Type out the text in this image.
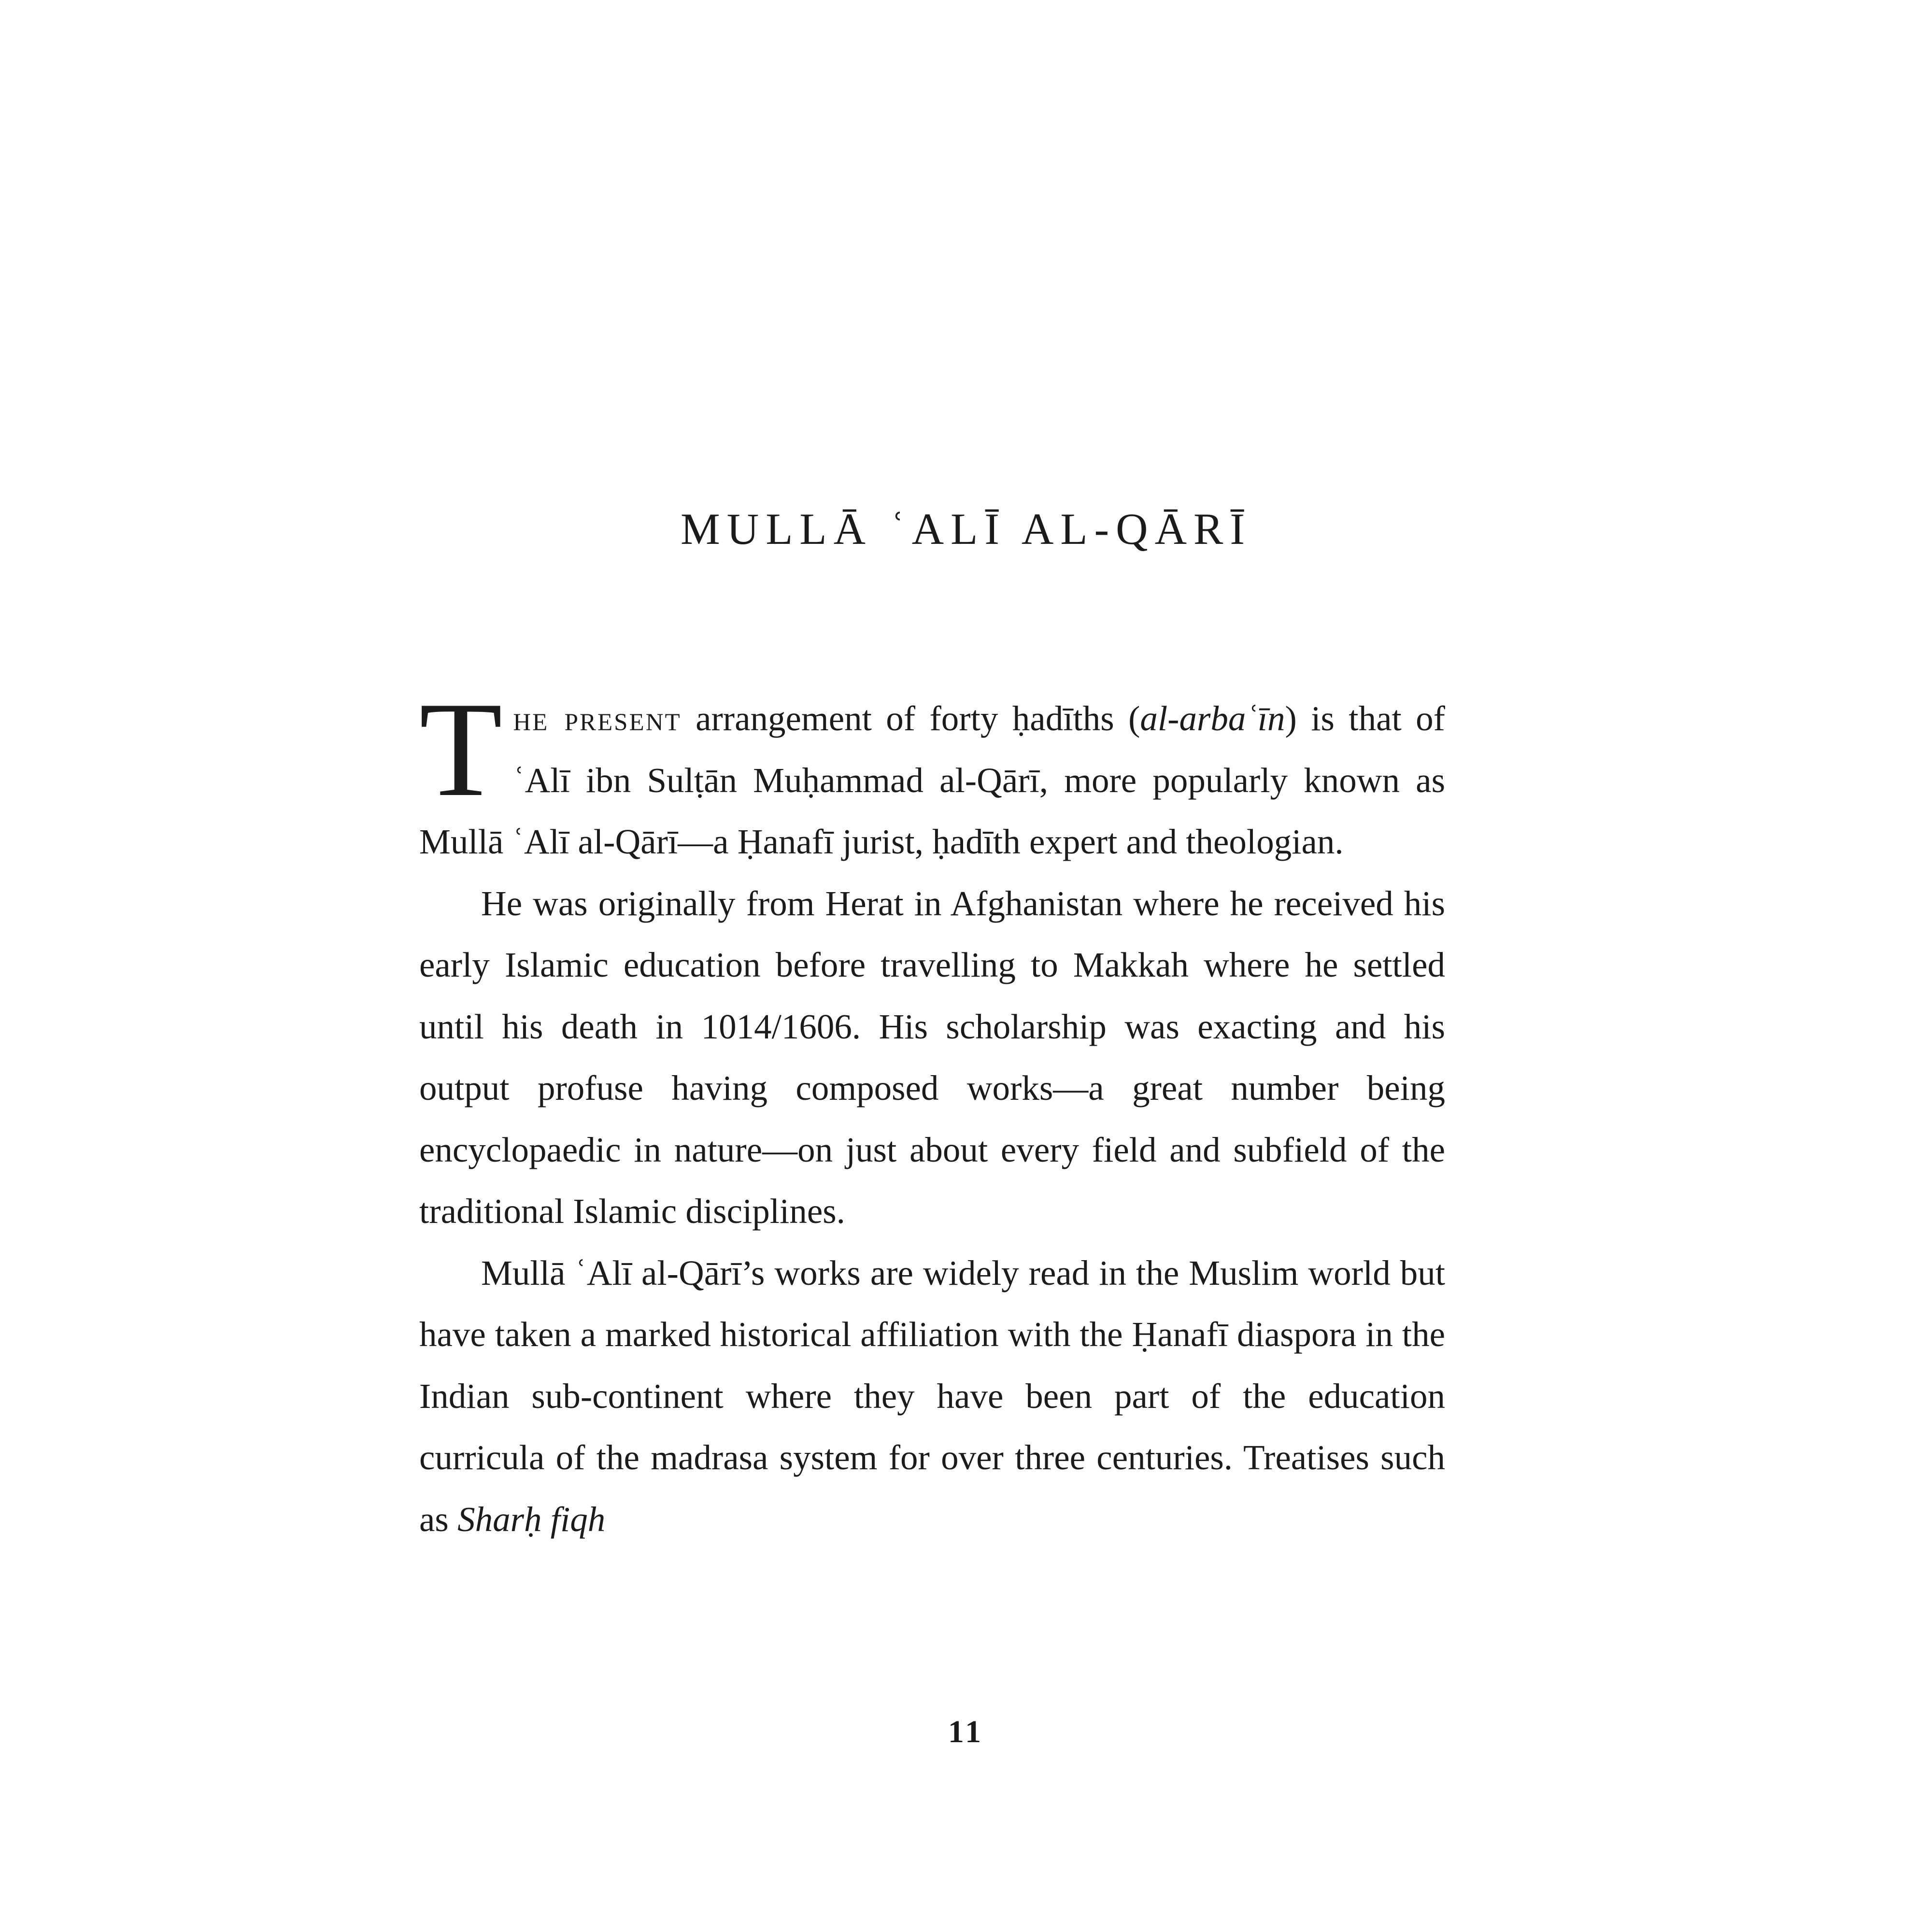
MULLĀ ʿALĪ AL-QĀRĪ

The present arrangement of forty ḥadīths (al-arbaʿīn) is that of ʿAlī ibn Sulṭān Muḥammad al-Qārī, more popularly known as Mullā ʿAlī al-Qārī—a Ḥanafī jurist, ḥadīth expert and theologian.

He was originally from Herat in Afghanistan where he received his early Islamic education before travelling to Makkah where he settled until his death in 1014/1606. His scholarship was exacting and his output profuse having composed works—a great number being encyclopaedic in nature—on just about every field and subfield of the traditional Islamic disciplines.

Mullā ʿAlī al-Qārī’s works are widely read in the Muslim world but have taken a marked historical affiliation with the Ḥanafī diaspora in the Indian sub-continent where they have been part of the education curricula of the madrasa system for over three centuries. Treatises such as Sharḥ fiqh

11
